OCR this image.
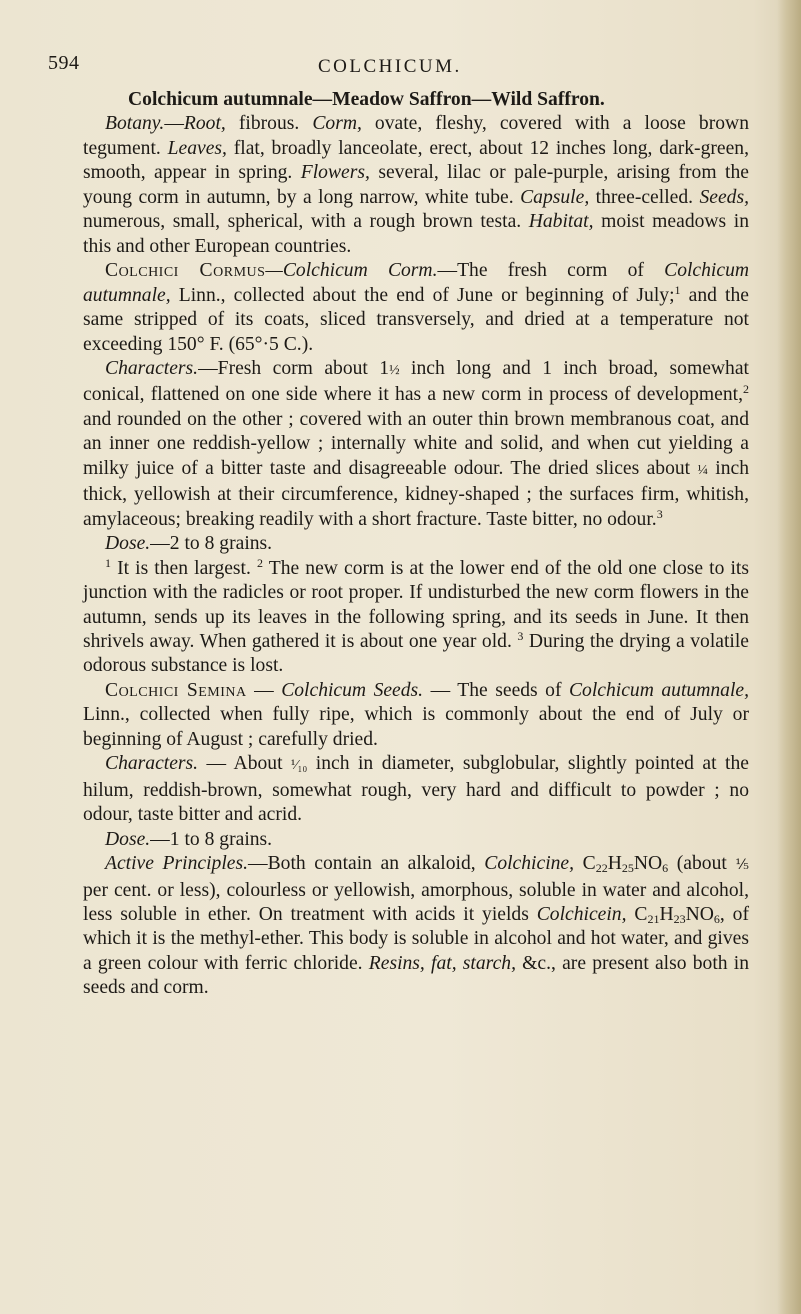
594	COLCHICUM.

Colchicum autumnale—Meadow Saffron—Wild Saffron.

Botany.—Root, fibrous. Corm, ovate, fleshy, covered with a loose brown tegument. Leaves, flat, broadly lanceolate, erect, about 12 inches long, dark-green, smooth, appear in spring. Flowers, several, lilac or pale-purple, arising from the young corm in autumn, by a long narrow, white tube. Capsule, three-celled. Seeds, numerous, small, spherical, with a rough brown testa. Habitat, moist meadows in this and other European countries.

Colchici Cormus—Colchicum Corm.—The fresh corm of Colchicum autumnale, Linn., collected about the end of June or beginning of July;$^1$ and the same stripped of its coats, sliced transversely, and dried at a temperature not exceeding 150° F. (65°·5 C.).

Characters.—Fresh corm about 1½ inch long and 1 inch broad, somewhat conical, flattened on one side where it has a new corm in process of development,$^2$ and rounded on the other ; covered with an outer thin brown membranous coat, and an inner one reddish-yellow ; internally white and solid, and when cut yielding a milky juice of a bitter taste and disagreeable odour. The dried slices about ¼ inch thick, yellowish at their circumference, kidney-shaped ; the surfaces firm, whitish, amylaceous; breaking readily with a short fracture. Taste bitter, no odour.$^3$

Dose.—2 to 8 grains.

$^1$ It is then largest. $^2$ The new corm is at the lower end of the old one close to its junction with the radicles or root proper. If undisturbed the new corm flowers in the autumn, sends up its leaves in the following spring, and its seeds in June. It then shrivels away. When gathered it is about one year old. $^3$ During the drying a volatile odorous substance is lost.

Colchici Semina — Colchicum Seeds. — The seeds of Colchicum autumnale, Linn., collected when fully ripe, which is commonly about the end of July or beginning of August ; carefully dried.

Characters. — About ¹⁄₁₀ inch in diameter, subglobular, slightly pointed at the hilum, reddish-brown, somewhat rough, very hard and difficult to powder ; no odour, taste bitter and acrid.

Dose.—1 to 8 grains.

Active Principles.—Both contain an alkaloid, Colchicine, $C_{22}H_{25}NO_6$ (about ⅕ per cent. or less), colourless or yellowish, amorphous, soluble in water and alcohol, less soluble in ether. On treatment with acids it yields Colchicein, $C_{21}H_{23}NO_6$, of which it is the methyl-ether. This body is soluble in alcohol and hot water, and gives a green colour with ferric chloride. Resins, fat, starch, &c., are present also both in seeds and corm.
